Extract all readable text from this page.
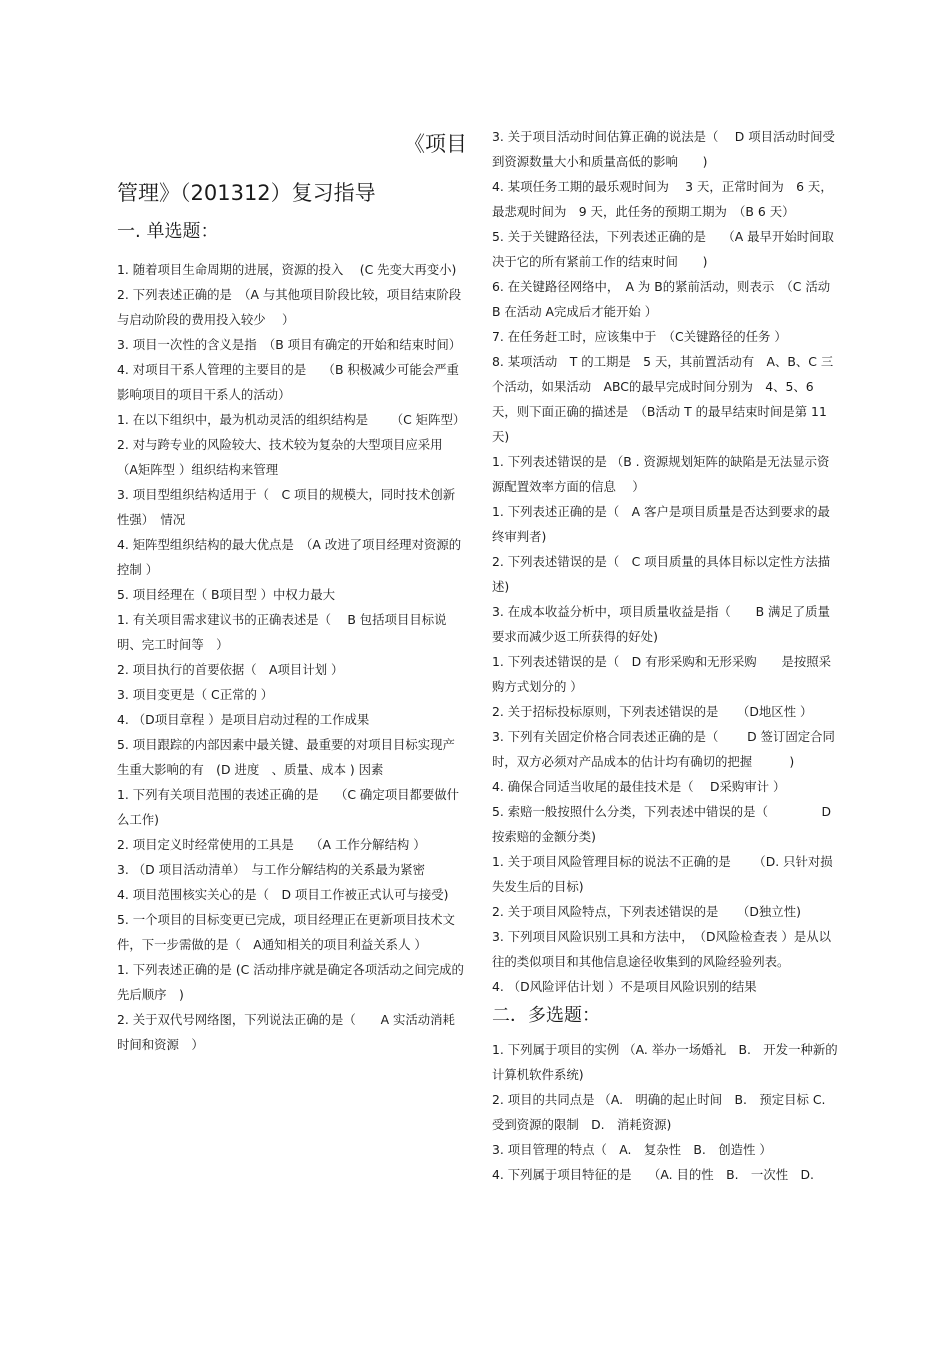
《项目
管理》（201312）复习指导
一. 单选题：
1. 随着项目生命周期的进展，资源的投入　 (C 先变大再变小)
2. 下列表述正确的是　（A 与其他项目阶段比较，项目结束阶段与启动阶段的费用投入较少　 ）
3. 项目一次性的含义是指　（B 项目有确定的开始和结束时间）
4. 对项目干系人管理的主要目的是　 （B 积极减少可能会严重影响项目的项目干系人的活动）
1. 在以下组织中，最为机动灵活的组织结构是　 　（C 矩阵型）
2. 对与跨专业的风险较大、技术较为复杂的大型项目应采用 （A矩阵型 ）组织结构来管理
3. 项目型组织结构适用于（　C 项目的规模大，同时技术创新性强）　情况
4. 矩阵型组织结构的最大优点是　（A 改进了项目经理对资源的控制 ）
5. 项目经理在（ B项目型 ）中权力最大
1. 有关项目需求建议书的正确表述是（　 B 包括项目目标说明、完工时间等　）
2. 项目执行的首要依据（　A项目计划 ）
3. 项目变更是（ C正常的 ）
4. （D项目章程 ）是项目启动过程的工作成果
5. 项目跟踪的内部因素中最关键、最重要的对项目目标实现产生重大影响的有　(D 进度　、质量、成本 ) 因素
1. 下列有关项目范围的表述正确的是　 （C 确定项目都要做什么工作)
2. 项目定义时经常使用的工具是　 （A 工作分解结构 ）
3. （D 项目活动清单）　与工作分解结构的关系最为紧密
4. 项目范围核实关心的是（　D 项目工作被正式认可与接受)
5. 一个项目的目标变更已完成，项目经理正在更新项目技术文件，下一步需做的是（　A通知相关的项目利益关系人 ）
1. 下列表述正确的是 (C 活动排序就是确定各项活动之间完成的先后顺序　)
2. 关于双代号网络图，下列说法正确的是（　　A 实活动消耗时间和资源　）
3. 关于项目活动时间估算正确的说法是（　 D 项目活动时间受到资源数量大小和质量高低的影响　　)
4. 某项任务工期的最乐观时间为　 3 天，正常时间为　6 天，最悲观时间为　9 天，此任务的预期工期为　（B 6 天）
5. 关于关键路径法，下列表述正确的是　 （A 最早开始时间取决于它的所有紧前工作的结束时间　　)
6. 在关键路径网络中，　A 为 B的紧前活动，则表示　（C 活动 B 在活动 A完成后才能开始 ）
7. 在任务赶工时，应该集中于　（C关键路径的任务 ）
8. 某项活动　T 的工期是　5 天，其前置活动有　A、B、C 三个活动，如果活动　ABC的最早完成时间分别为　4、5、6 天，则下面正确的描述是　（B活动 T 的最早结束时间是第 11 天)
1. 下列表述错误的是 （B . 资源规划矩阵的缺陷是无法显示资源配置效率方面的信息　 ）
1. 下列表述正确的是（　A 客户是项目质量是否达到要求的最终审判者)
2. 下列表述错误的是（　C 项目质量的具体目标以定性方法描述)
3. 在成本收益分析中，项目质量收益是指（　　B 满足了质量要求而减少返工所获得的好处)
1. 下列表述错误的是（　D 有形采购和无形采购　　是按照采购方式划分的 ）
2. 关于招标投标原则，下列表述错误的是　　（D地区性 ）
3. 下列有关固定价格合同表述正确的是（　 　D 签订固定合同时，双方必须对产品成本的估计均有确切的把握　　　)
4. 确保合同适当收尾的最佳技术是（　 D采购审计 ）
5. 索赔一般按照什么分类，下列表述中错误的是（　 　　　D 按索赔的金额分类)
1. 关于项目风险管理目标的说法不正确的是　 　（D. 只针对损失发生后的目标)
2. 关于项目风险特点，下列表述错误的是　　（D独立性)
3. 下列项目风险识别工具和方法中，　（D风险检查表 ）是从以往的类似项目和其他信息途径收集到的风险经验列表。
4. （D风险评估计划 ）不是项目风险识别的结果
二．多选题：
1. 下列属于项目的实例 （A. 举办一场婚礼　B.　开发一种新的计算机软件系统)
2. 项目的共同点是 （A.　明确的起止时间　B.　预定目标 C. 受到资源的限制　D.　消耗资源)
3. 项目管理的特点（　A.　复杂性　B.　创造性 ）
4. 下列属于项目特征的是　 （A. 目的性　B.　一次性　D.
